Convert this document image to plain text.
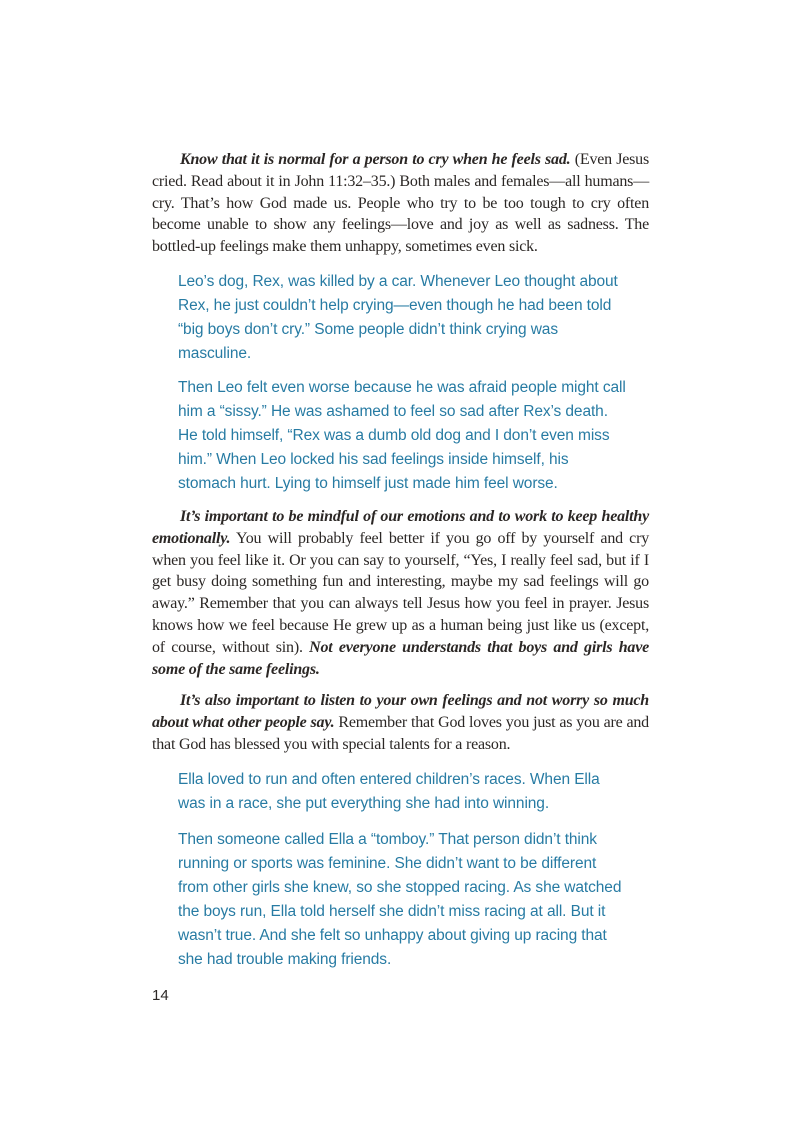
Know that it is normal for a person to cry when he feels sad. (Even Jesus cried. Read about it in John 11:32–35.) Both males and females—all humans—cry. That’s how God made us. People who try to be too tough to cry often become unable to show any feelings—love and joy as well as sadness. The bottled-up feelings make them unhappy, sometimes even sick.

Leo’s dog, Rex, was killed by a car. Whenever Leo thought about Rex, he just couldn’t help crying—even though he had been told “big boys don’t cry.” Some people didn’t think crying was masculine.

Then Leo felt even worse because he was afraid people might call him a “sissy.” He was ashamed to feel so sad after Rex’s death. He told himself, “Rex was a dumb old dog and I don’t even miss him.” When Leo locked his sad feelings inside himself, his stomach hurt. Lying to himself just made him feel worse.

It’s important to be mindful of our emotions and to work to keep healthy emotionally. You will probably feel better if you go off by yourself and cry when you feel like it. Or you can say to yourself, “Yes, I really feel sad, but if I get busy doing something fun and interesting, maybe my sad feelings will go away.” Remember that you can always tell Jesus how you feel in prayer. Jesus knows how we feel because He grew up as a human being just like us (except, of course, without sin). Not everyone understands that boys and girls have some of the same feelings.

It’s also important to listen to your own feelings and not worry so much about what other people say. Remember that God loves you just as you are and that God has blessed you with special talents for a reason.

Ella loved to run and often entered children’s races. When Ella was in a race, she put everything she had into winning.

Then someone called Ella a “tomboy.” That person didn’t think running or sports was feminine. She didn’t want to be different from other girls she knew, so she stopped racing. As she watched the boys run, Ella told herself she didn’t miss racing at all. But it wasn’t true. And she felt so unhappy about giving up racing that she had trouble making friends.

14
